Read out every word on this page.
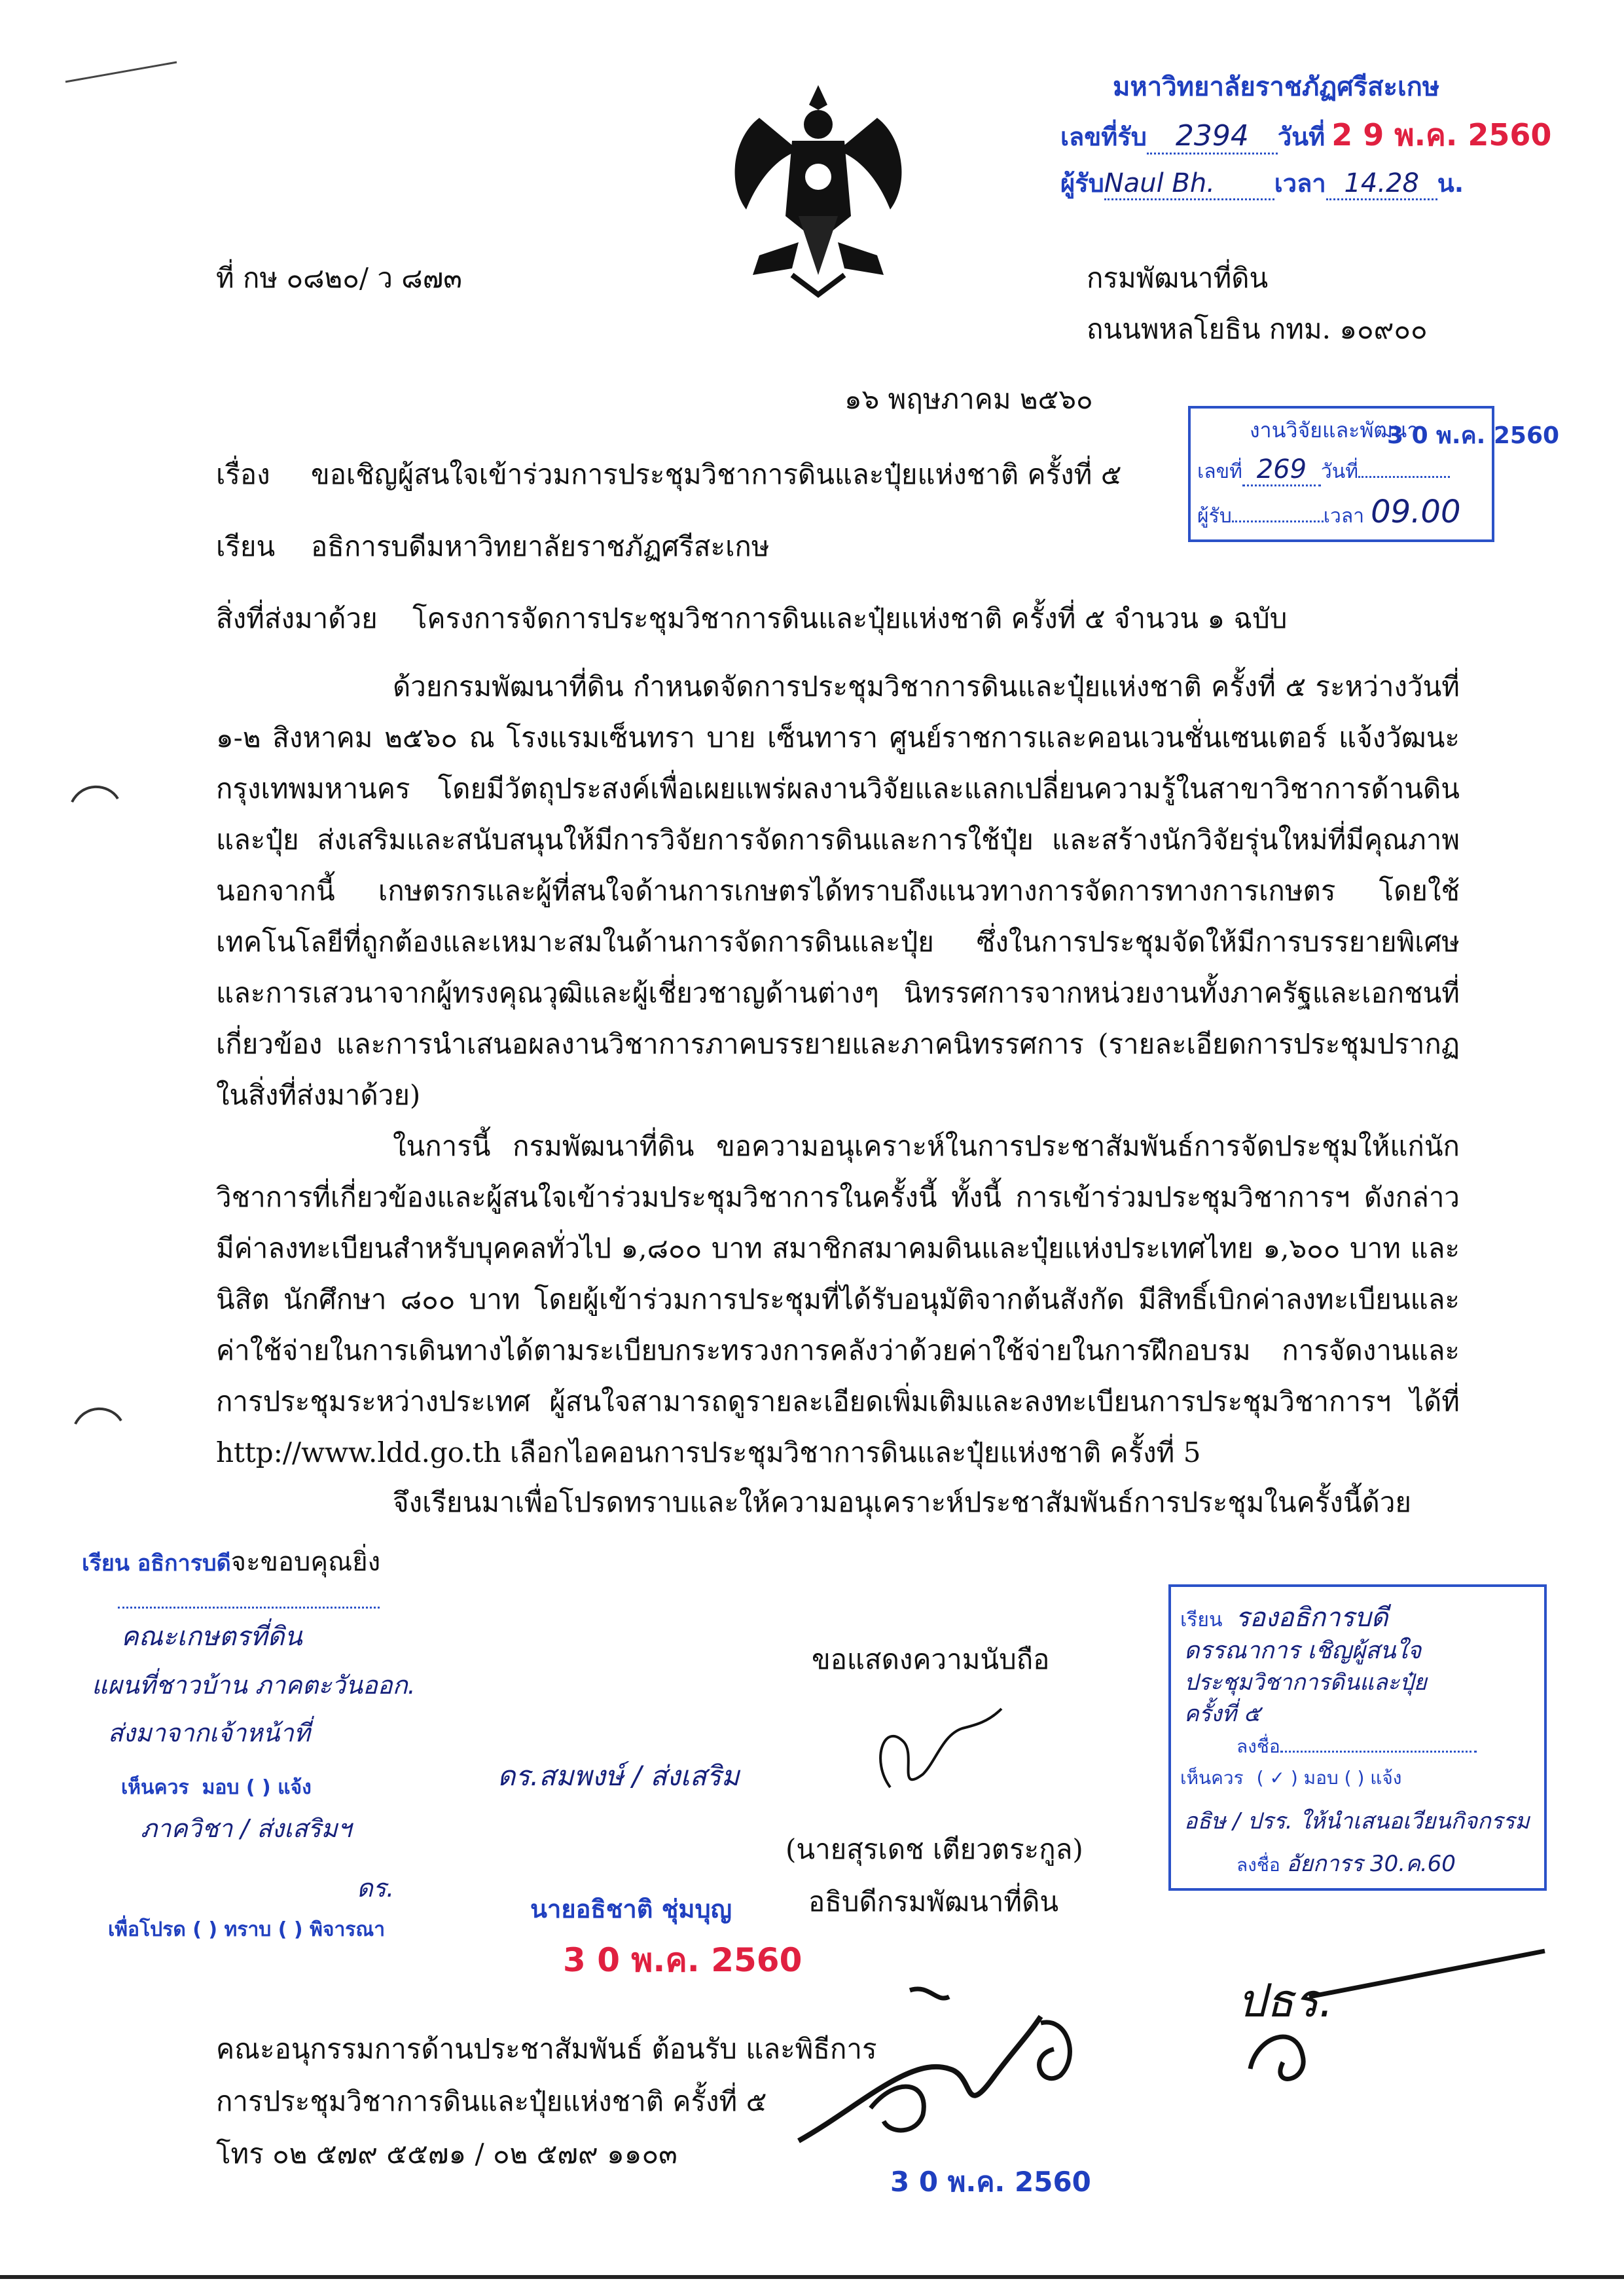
ที่ กษ ๐๘๒๐/ ว ๘๗๓	กรมพัฒนาที่ดิน
ถนนพหลโยธิน กทม. ๑๐๙๐๐
๑๖ พฤษภาคม ๒๕๖๐
เรื่อง ขอเชิญผู้สนใจเข้าร่วมการประชุมวิชาการดินและปุ๋ยแห่งชาติ ครั้งที่ ๕
เรียน อธิการบดีมหาวิทยาลัยราชภัฏศรีสะเกษ
สิ่งที่ส่งมาด้วย โครงการจัดการประชุมวิชาการดินและปุ๋ยแห่งชาติ ครั้งที่ ๕ จำนวน ๑ ฉบับ
ด้วยกรมพัฒนาที่ดิน กำหนดจัดการประชุมวิชาการดินและปุ๋ยแห่งชาติ ครั้งที่ ๕ ระหว่างวันที่ ๑-๒ สิงหาคม ๒๕๖๐ ณ โรงแรมเซ็นทรา บาย เซ็นทารา ศูนย์ราชการและคอนเวนชั่นเซนเตอร์ แจ้งวัฒนะ กรุงเทพมหานคร โดยมีวัตถุประสงค์เพื่อเผยแพร่ผลงานวิจัยและแลกเปลี่ยนความรู้ในสาขาวิชาการด้านดินและปุ๋ย ส่งเสริมและสนับสนุนให้มีการวิจัยการจัดการดินและการใช้ปุ๋ย และสร้างนักวิจัยรุ่นใหม่ที่มีคุณภาพ นอกจากนี้ เกษตรกรและผู้ที่สนใจด้านการเกษตรได้ทราบถึงแนวทางการจัดการทางการเกษตร โดยใช้เทคโนโลยีที่ถูกต้องและเหมาะสมในด้านการจัดการดินและปุ๋ย ซึ่งในการประชุมจัดให้มีการบรรยายพิเศษและการเสวนาจากผู้ทรงคุณวุฒิและผู้เชี่ยวชาญด้านต่างๆ นิทรรศการจากหน่วยงานทั้งภาครัฐและเอกชนที่เกี่ยวข้อง และการนำเสนอผลงานวิชาการภาคบรรยายและภาคนิทรรศการ (รายละเอียดการประชุมปรากฏในสิ่งที่ส่งมาด้วย)
ในการนี้ กรมพัฒนาที่ดิน ขอความอนุเคราะห์ในการประชาสัมพันธ์การจัดประชุมให้แก่นักวิชาการที่เกี่ยวข้องและผู้สนใจเข้าร่วมประชุมวิชาการในครั้งนี้ ทั้งนี้ การเข้าร่วมประชุมวิชาการฯ ดังกล่าวมีค่าลงทะเบียนสำหรับบุคคลทั่วไป ๑,๘๐๐ บาท สมาชิกสมาคมดินและปุ๋ยแห่งประเทศไทย ๑,๖๐๐ บาท และนิสิต นักศึกษา ๘๐๐ บาท โดยผู้เข้าร่วมการประชุมที่ได้รับอนุมัติจากต้นสังกัด มีสิทธิ์เบิกค่าลงทะเบียนและค่าใช้จ่ายในการเดินทางได้ตามระเบียบกระทรวงการคลังว่าด้วยค่าใช้จ่ายในการฝึกอบรม การจัดงานและการประชุมระหว่างประเทศ ผู้สนใจสามารถดูรายละเอียดเพิ่มเติมและลงทะเบียนการประชุมวิชาการฯ ได้ที่ http://www.ldd.go.th เลือกไอคอนการประชุมวิชาการดินและปุ๋ยแห่งชาติ ครั้งที่ 5
จึงเรียนมาเพื่อโปรดทราบและให้ความอนุเคราะห์ประชาสัมพันธ์การประชุมในครั้งนี้ด้วย
ขอแสดงความนับถือ
(นายสุรเดช เตียวตระกูล)
อธิบดีกรมพัฒนาที่ดิน
คณะอนุกรรมการด้านประชาสัมพันธ์ ต้อนรับ และพิธีการ
การประชุมวิชาการดินและปุ๋ยแห่งชาติ ครั้งที่ ๕
โทร ๐๒ ๕๗๙ ๕๕๗๑ / ๐๒ ๕๗๙ ๑๑๐๓
มหาวิทยาลัยราชภัฏศรีสะเกษ
เลขที่รับ 2394 วันที่ 2 9 พ.ค. 2560
ผู้รับNaul Bh. เวลา 14.28 น.
งานวิจัยและพัฒนา
3 0 พ.ค. 2560
เลขที่ 269 วันที่
ผู้รับ	เวลา 09.00
เรียน อธิการบดีจะขอบคุณยิ่ง
คณะเกษตรที่ดิน
แผนที่ชาวบ้าน ภาคตะวันออก.
ส่งมาจากเจ้าหน้าที่
เห็นควร มอบ ( ) แจ้ง
ภาควิชา / ส่งเสริมฯ
ดร.
เพื่อโปรด ( ) ทราบ ( ) พิจารณา
ดร.สมพงษ์ / ส่งเสริม
นายอธิชาติ ชุ่มบุญ
3 0 พ.ค. 2560
3 0 พ.ค. 2560
เรียน รองอธิการบดี
ดรรณาการ เชิญผู้สนใจ
ประชุมวิชาการดินและปุ๋ย
ครั้งที่ ๕
ลงชื่อ
เห็นควร ( ✓ ) มอบ ( ) แจ้ง
อธิษ / ปรร. ให้นำเสนอเวียนกิจกรรม
ลงชื่อ อัยการร 30.ค.60
ปธร.
